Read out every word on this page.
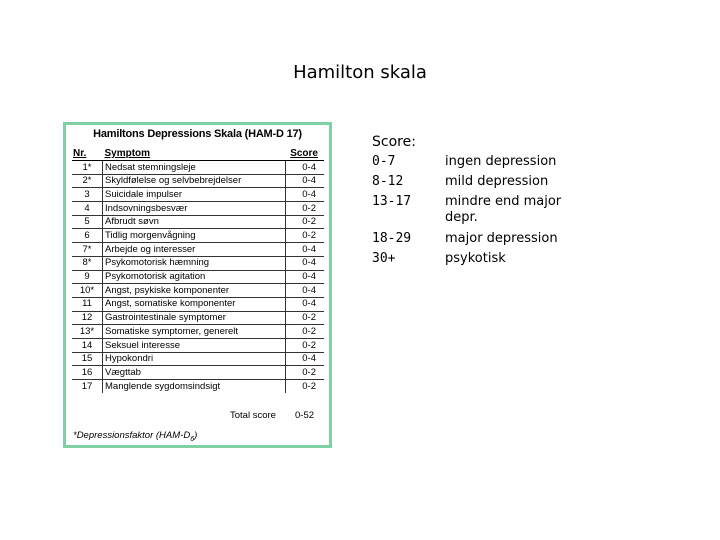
Hamilton skala
Hamiltons Depressions Skala (HAM-D 17)
Nr.	Symptom	Score
1*	Nedsat stemningsleje	0-4
2*	Skyldfølelse og selvbebrejdelser	0-4
3	Suicidale impulser	0-4
4	Indsovningsbesvær	0-2
5	Afbrudt søvn	0-2
6	Tidlig morgenvågning	0-2
7*	Arbejde og interesser	0-4
8*	Psykomotorisk hæmning	0-4
9	Psykomotorisk agitation	0-4
10*	Angst, psykiske komponenter	0-4
11	Angst, somatiske komponenter	0-4
12	Gastrointestinale symptomer	0-2
13*	Somatiske symptomer, generelt	0-2
14	Seksuel interesse	0-2
15	Hypokondri	0-4
16	Vægttab	0-2
17	Manglende sygdomsindsigt	0-2
Total score 0-52
*Depressionsfaktor $(HAM-D_6)$
Score:
0-7	ingen depression
8-12	mild depression
13-17	mindre end major depr.
18-29	major depression
30+	psykotisk
